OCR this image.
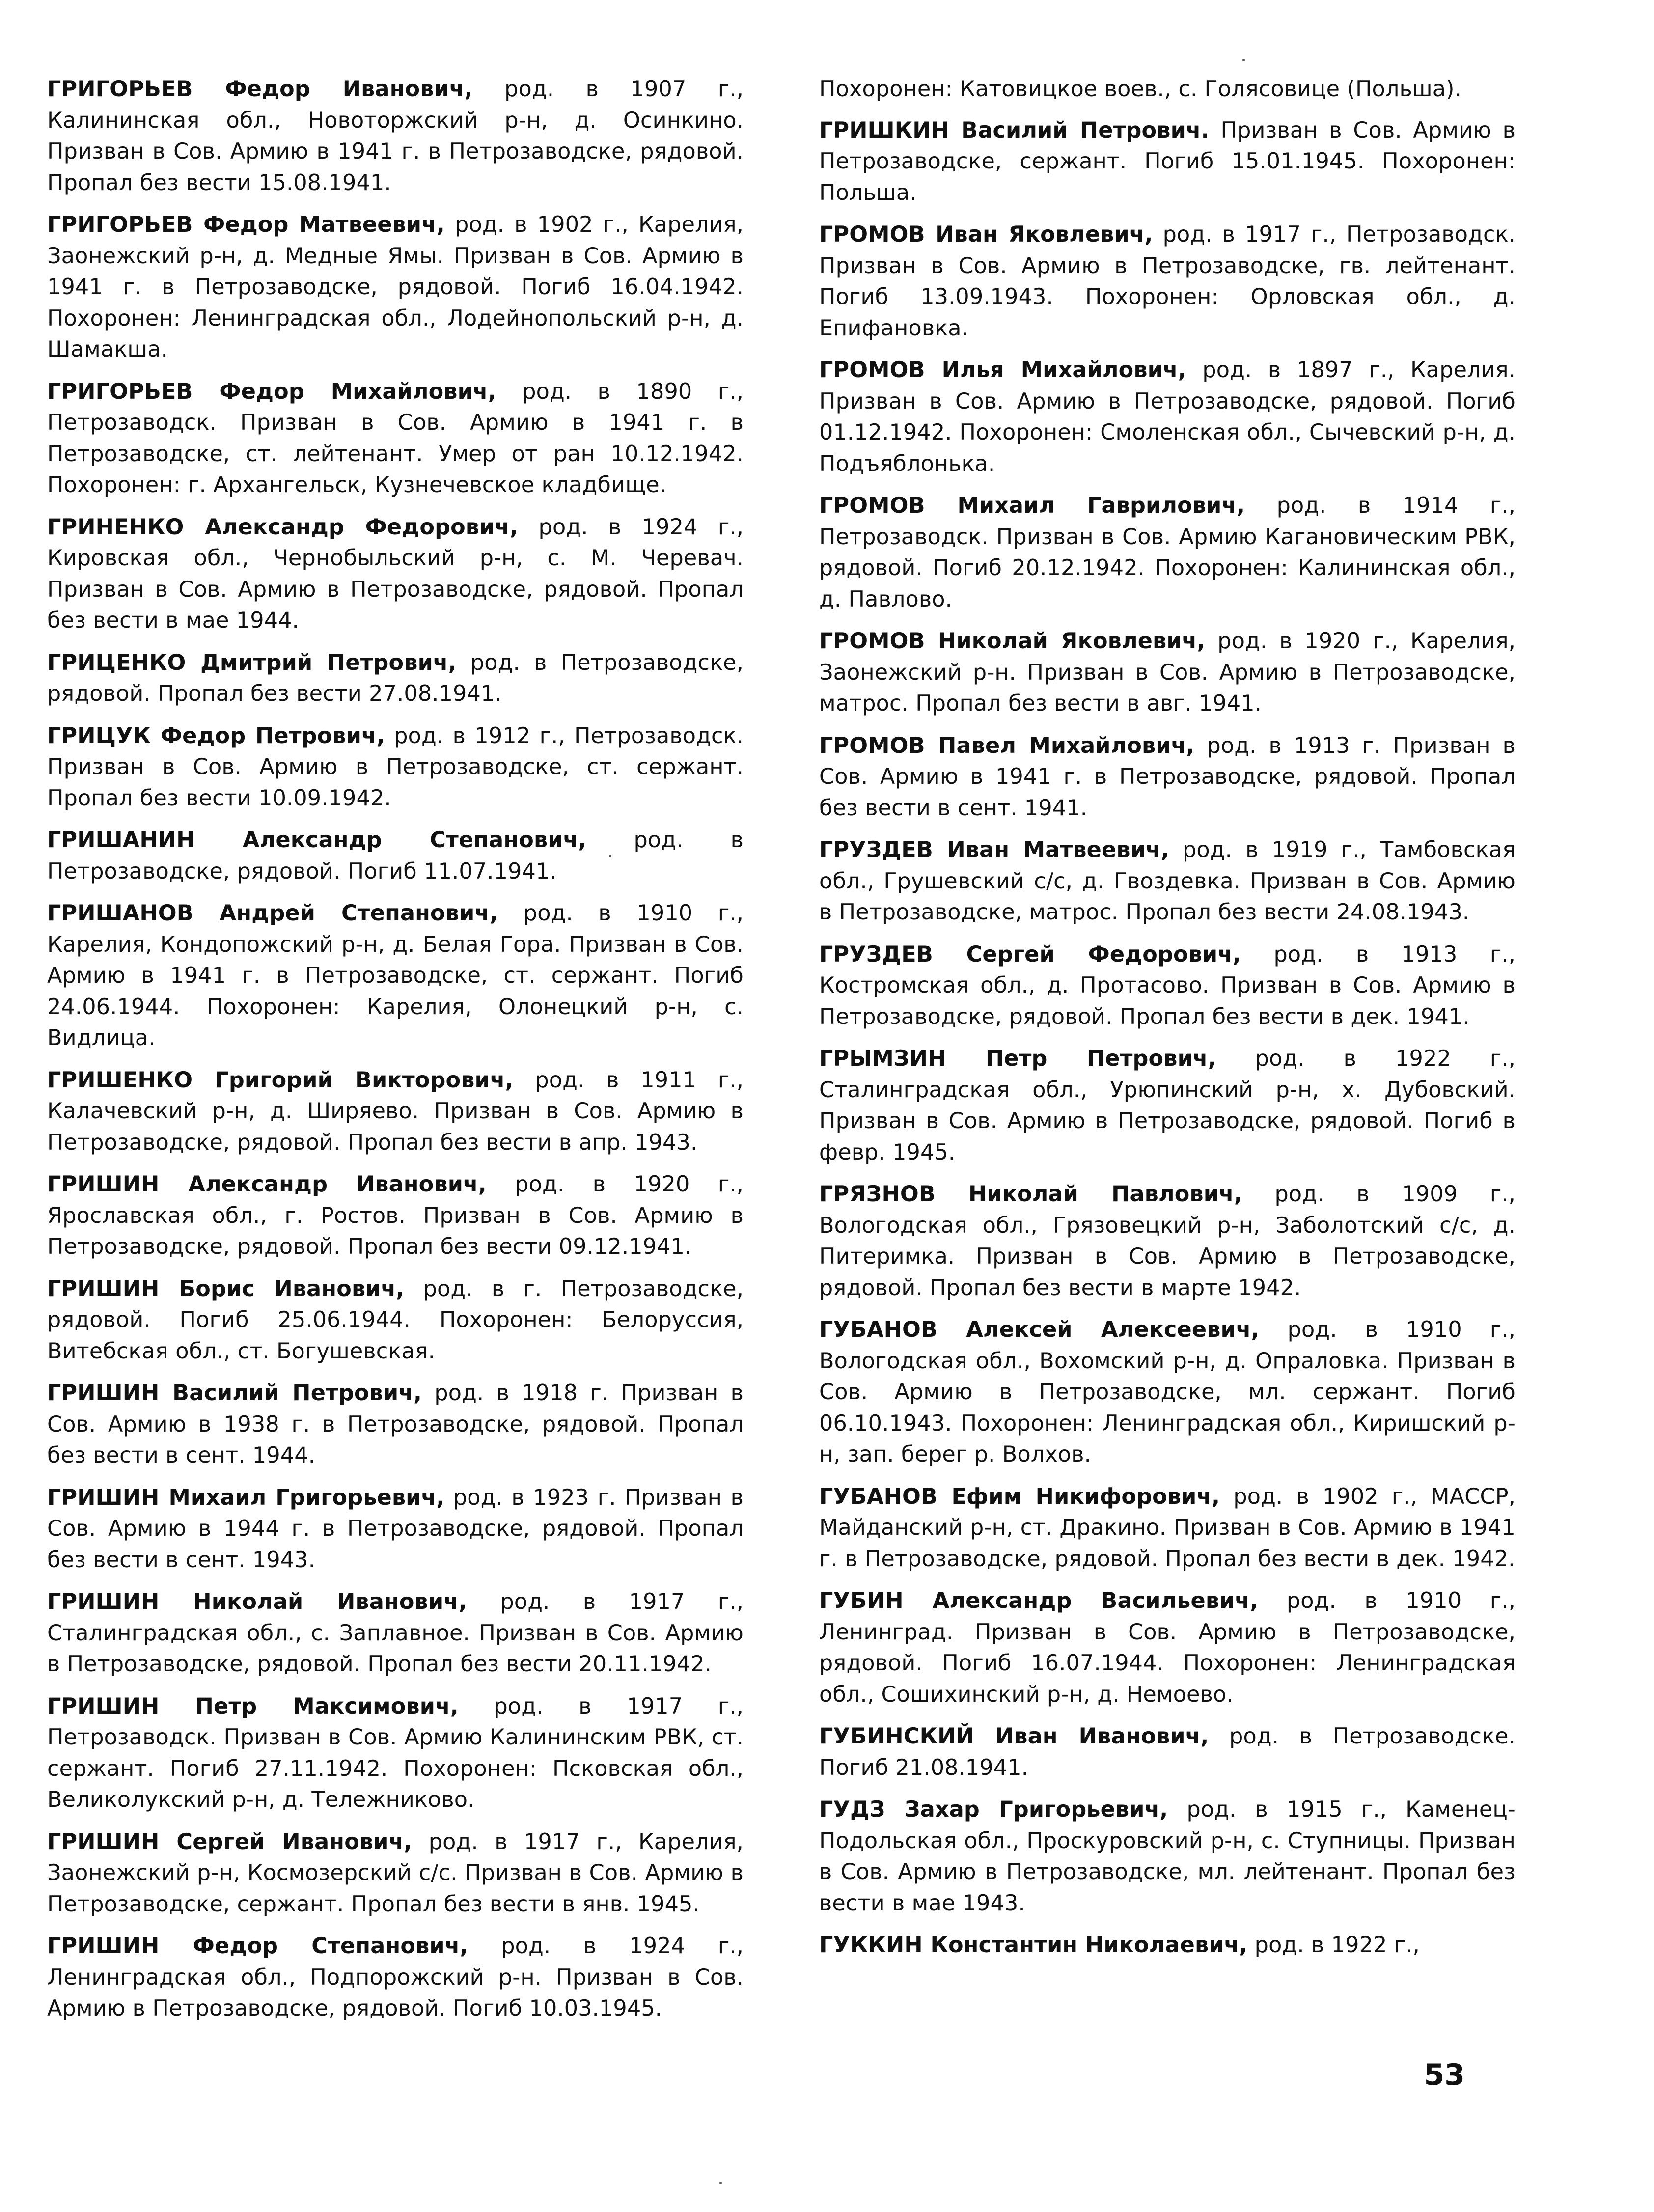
ГРИГОРЬЕВ Федор Иванович, род. в 1907 г., Калининская обл., Новоторжский р-н, д. Осинкино. Призван в Сов. Армию в 1941 г. в Петрозаводске, рядовой. Пропал без вести 15.08.1941.

ГРИГОРЬЕВ Федор Матвеевич, род. в 1902 г., Карелия, Заонежский р-н, д. Медные Ямы. Призван в Сов. Армию в 1941 г. в Петрозаводске, рядовой. Погиб 16.04.1942. Похоронен: Ленинградская обл., Лодейнопольский р-н, д. Шамакша.

ГРИГОРЬЕВ Федор Михайлович, род. в 1890 г., Петрозаводск. Призван в Сов. Армию в 1941 г. в Петрозаводске, ст. лейтенант. Умер от ран 10.12.1942. Похоронен: г. Архангельск, Кузнечевское кладбище.

ГРИНЕНКО Александр Федорович, род. в 1924 г., Кировская обл., Чернобыльский р-н, с. М. Черевач. Призван в Сов. Армию в Петрозаводске, рядовой. Пропал без вести в мае 1944.

ГРИЦЕНКО Дмитрий Петрович, род. в Петрозаводске, рядовой. Пропал без вести 27.08.1941.

ГРИЦУК Федор Петрович, род. в 1912 г., Петрозаводск. Призван в Сов. Армию в Петрозаводске, ст. сержант. Пропал без вести 10.09.1942.

ГРИШАНИН Александр Степанович, род. в Петрозаводске, рядовой. Погиб 11.07.1941.

ГРИШАНОВ Андрей Степанович, род. в 1910 г., Карелия, Кондопожский р-н, д. Белая Гора. Призван в Сов. Армию в 1941 г. в Петрозаводске, ст. сержант. Погиб 24.06.1944. Похоронен: Карелия, Олонецкий р-н, с. Видлица.

ГРИШЕНКО Григорий Викторович, род. в 1911 г., Калачевский р-н, д. Ширяево. Призван в Сов. Армию в Петрозаводске, рядовой. Пропал без вести в апр. 1943.

ГРИШИН Александр Иванович, род. в 1920 г., Ярославская обл., г. Ростов. Призван в Сов. Армию в Петрозаводске, рядовой. Пропал без вести 09.12.1941.

ГРИШИН Борис Иванович, род. в г. Петрозаводске, рядовой. Погиб 25.06.1944. Похоронен: Белоруссия, Витебская обл., ст. Богушевская.

ГРИШИН Василий Петрович, род. в 1918 г. Призван в Сов. Армию в 1938 г. в Петрозаводске, рядовой. Пропал без вести в сент. 1944.

ГРИШИН Михаил Григорьевич, род. в 1923 г. Призван в Сов. Армию в 1944 г. в Петрозаводске, рядовой. Пропал без вести в сент. 1943.

ГРИШИН Николай Иванович, род. в 1917 г., Сталинградская обл., с. Заплавное. Призван в Сов. Армию в Петрозаводске, рядовой. Пропал без вести 20.11.1942.

ГРИШИН Петр Максимович, род. в 1917 г., Петрозаводск. Призван в Сов. Армию Калининским РВК, ст. сержант. Погиб 27.11.1942. Похоронен: Псковская обл., Великолукский р-н, д. Тележниково.

ГРИШИН Сергей Иванович, род. в 1917 г., Карелия, Заонежский р-н, Космозерский с/с. Призван в Сов. Армию в Петрозаводске, сержант. Пропал без вести в янв. 1945.

ГРИШИН Федор Степанович, род. в 1924 г., Ленинградская обл., Подпорожский р-н. Призван в Сов. Армию в Петрозаводске, рядовой. Погиб 10.03.1945.

Похоронен: Катовицкое воев., с. Голясовице (Польша).

ГРИШКИН Василий Петрович. Призван в Сов. Армию в Петрозаводске, сержант. Погиб 15.01.1945. Похоронен: Польша.

ГРОМОВ Иван Яковлевич, род. в 1917 г., Петрозаводск. Призван в Сов. Армию в Петрозаводске, гв. лейтенант. Погиб 13.09.1943. Похоронен: Орловская обл., д. Епифановка.

ГРОМОВ Илья Михайлович, род. в 1897 г., Карелия. Призван в Сов. Армию в Петрозаводске, рядовой. Погиб 01.12.1942. Похоронен: Смоленская обл., Сычевский р-н, д. Подъяблонька.

ГРОМОВ Михаил Гаврилович, род. в 1914 г., Петрозаводск. Призван в Сов. Армию Кагановическим РВК, рядовой. Погиб 20.12.1942. Похоронен: Калининская обл., д. Павлово.

ГРОМОВ Николай Яковлевич, род. в 1920 г., Карелия, Заонежский р-н. Призван в Сов. Армию в Петрозаводске, матрос. Пропал без вести в авг. 1941.

ГРОМОВ Павел Михайлович, род. в 1913 г. Призван в Сов. Армию в 1941 г. в Петрозаводске, рядовой. Пропал без вести в сент. 1941.

ГРУЗДЕВ Иван Матвеевич, род. в 1919 г., Тамбовская обл., Грушевский с/с, д. Гвоздевка. Призван в Сов. Армию в Петрозаводске, матрос. Пропал без вести 24.08.1943.

ГРУЗДЕВ Сергей Федорович, род. в 1913 г., Костромская обл., д. Протасово. Призван в Сов. Армию в Петрозаводске, рядовой. Пропал без вести в дек. 1941.

ГРЫМЗИН Петр Петрович, род. в 1922 г., Сталинградская обл., Урюпинский р-н, х. Дубовский. Призван в Сов. Армию в Петрозаводске, рядовой. Погиб в февр. 1945.

ГРЯЗНОВ Николай Павлович, род. в 1909 г., Вологодская обл., Грязовецкий р-н, Заболотский с/с, д. Питеримка. Призван в Сов. Армию в Петрозаводске, рядовой. Пропал без вести в марте 1942.

ГУБАНОВ Алексей Алексеевич, род. в 1910 г., Вологодская обл., Вохомский р-н, д. Опраловка. Призван в Сов. Армию в Петрозаводске, мл. сержант. Погиб 06.10.1943. Похоронен: Ленинградская обл., Киришский р-н, зап. берег р. Волхов.

ГУБАНОВ Ефим Никифорович, род. в 1902 г., МАССР, Майданский р-н, ст. Дракино. Призван в Сов. Армию в 1941 г. в Петрозаводске, рядовой. Пропал без вести в дек. 1942.

ГУБИН Александр Васильевич, род. в 1910 г., Ленинград. Призван в Сов. Армию в Петрозаводске, рядовой. Погиб 16.07.1944. Похоронен: Ленинградская обл., Сошихинский р-н, д. Немоево.

ГУБИНСКИЙ Иван Иванович, род. в Петрозаводске. Погиб 21.08.1941.

ГУДЗ Захар Григорьевич, род. в 1915 г., Каменец-Подольская обл., Проскуровский р-н, с. Ступницы. Призван в Сов. Армию в Петрозаводске, мл. лейтенант. Пропал без вести в мае 1943.

ГУККИН Константин Николаевич, род. в 1922 г.,

53
